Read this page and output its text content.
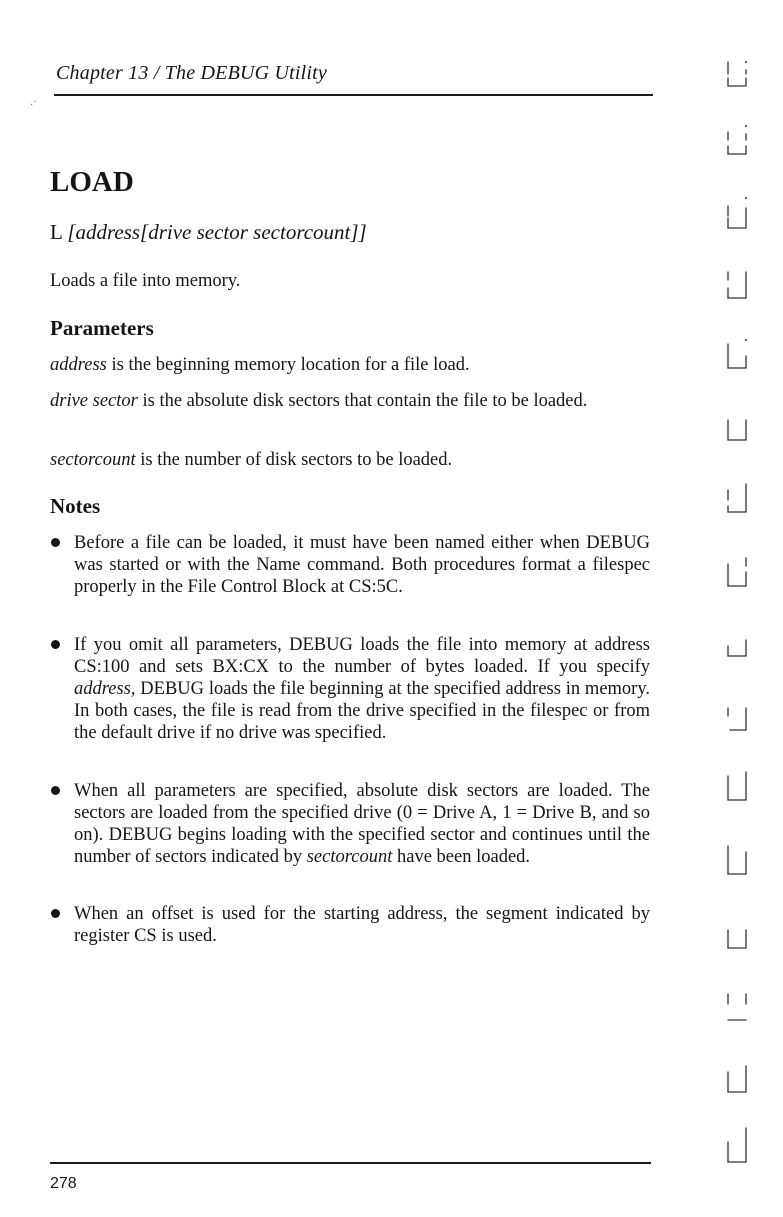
Chapter 13 / The DEBUG Utility
·˙
LOAD
L [address[drive sector sectorcount]]

Loads a file into memory.

Parameters

address is the beginning memory location for a file load.

drive sector is the absolute disk sectors that contain the file to be loaded.

sectorcount is the number of disk sectors to be loaded.

Notes

Before a file can be loaded, it must have been named either when DEBUG was started or with the Name command. Both procedures format a filespec properly in the File Control Block at CS:5C.

If you omit all parameters, DEBUG loads the file into memory at address CS:100 and sets BX:CX to the number of bytes loaded. If you specify address, DEBUG loads the file beginning at the specified address in memory. In both cases, the file is read from the drive specified in the filespec or from the default drive if no drive was specified.

When all parameters are specified, absolute disk sectors are loaded. The sectors are loaded from the specified drive (0 = Drive A, 1 = Drive B, and so on). DEBUG begins loading with the specified sector and continues until the number of sectors indicated by sectorcount have been loaded.

When an offset is used for the starting address, the segment indicated by register CS is used.

278
